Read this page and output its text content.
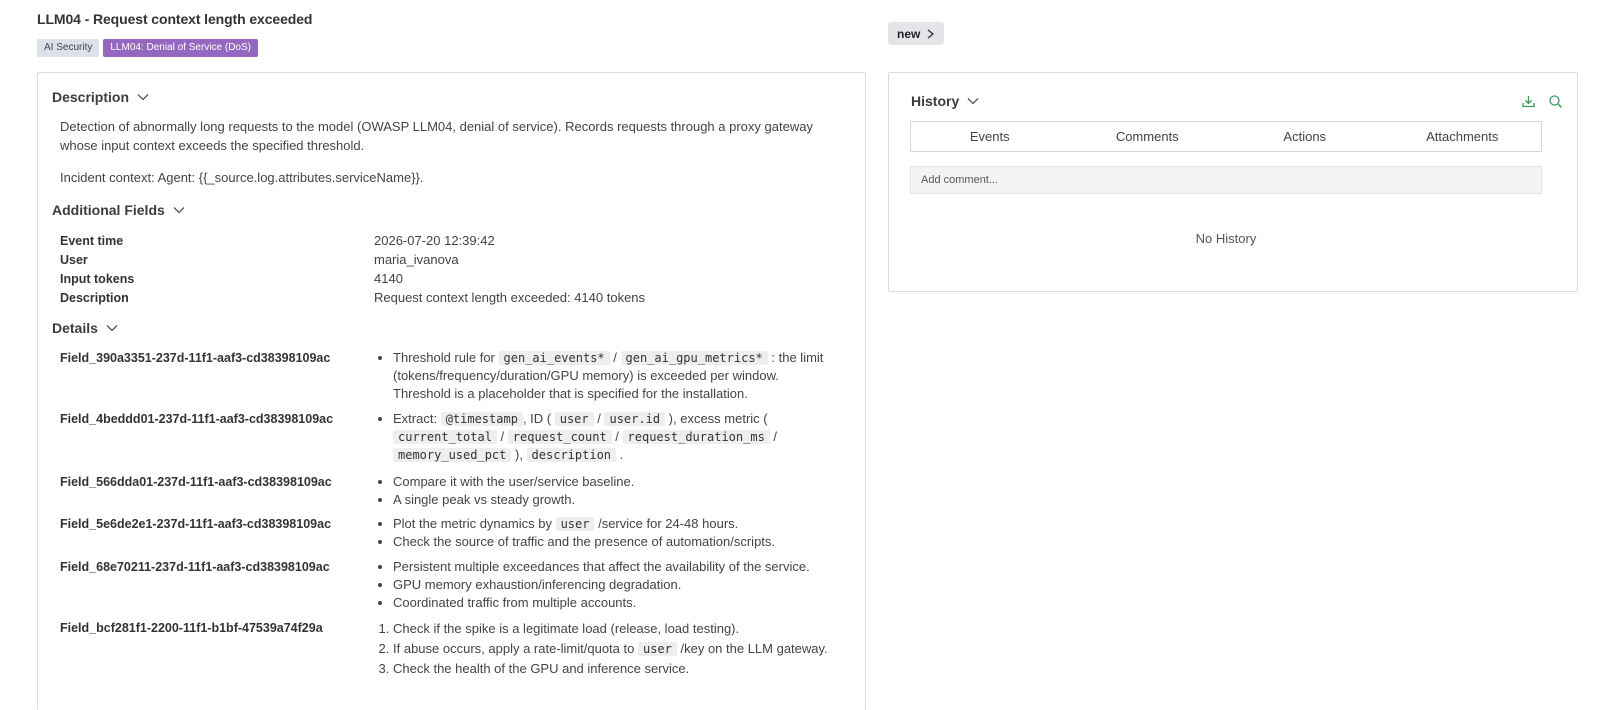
LLM04 - Request context length exceeded
AI Security	LLM04: Denial of Service (DoS)
new
Description
Detection of abnormally long requests to the model (OWASP LLM04, denial of service). Records requests through a proxy gateway whose input context exceeds the specified threshold.
Incident context: Agent: {{_source.log.attributes.serviceName}}.
Additional Fields
Event time	2026-07-20 12:39:42
User	maria_ivanova
Input tokens	4140
Description	Request context length exceeded: 4140 tokens
Details
Field_390a3351-237d-11f1-aaf3-cd38398109ac	• Threshold rule for gen_ai_events* / gen_ai_gpu_metrics* : the limit (tokens/frequency/duration/GPU memory) is exceeded per window. Threshold is a placeholder that is specified for the installation.
Field_4beddd01-237d-11f1-aaf3-cd38398109ac	• Extract: @timestamp , ID ( user / user.id ), excess metric ( current_total / request_count / request_duration_ms / memory_used_pct ), description .
Field_566dda01-237d-11f1-aaf3-cd38398109ac	• Compare it with the user/service baseline.
• A single peak vs steady growth.
Field_5e6de2e1-237d-11f1-aaf3-cd38398109ac	• Plot the metric dynamics by user /service for 24-48 hours.
• Check the source of traffic and the presence of automation/scripts.
Field_68e70211-237d-11f1-aaf3-cd38398109ac	• Persistent multiple exceedances that affect the availability of the service.
• GPU memory exhaustion/inferencing degradation.
• Coordinated traffic from multiple accounts.
Field_bcf281f1-2200-11f1-b1bf-47539a74f29a	1. Check if the spike is a legitimate load (release, load testing).
2. If abuse occurs, apply a rate-limit/quota to user /key on the LLM gateway.
3. Check the health of the GPU and inference service.
History
Events	Comments	Actions	Attachments
Add comment...
No History
